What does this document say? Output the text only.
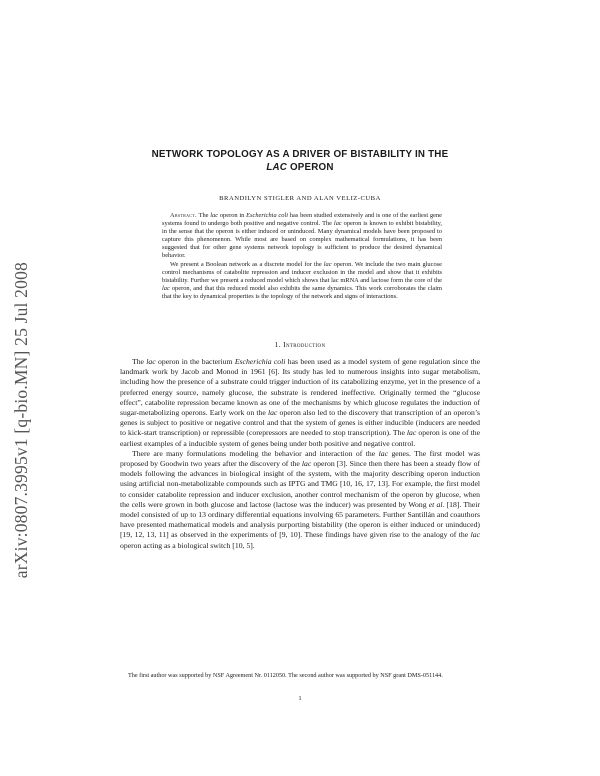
arXiv:0807.3995v1 [q-bio.MN] 25 Jul 2008
NETWORK TOPOLOGY AS A DRIVER OF BISTABILITY IN THE
LAC OPERON
BRANDILYN STIGLER AND ALAN VELIZ-CUBA

Abstract. The lac operon in Escherichia coli has been studied extensively and is one of the earliest gene systems found to undergo both positive and negative control. The lac operon is known to exhibit bistability, in the sense that the operon is either induced or uninduced. Many dynamical models have been proposed to capture this phenomenon. While most are based on complex mathematical formulations, it has been suggested that for other gene systems network topology is sufficient to produce the desired dynamical behavior.

We present a Boolean network as a discrete model for the lac operon. We include the two main glucose control mechanisms of catabolite repression and inducer exclusion in the model and show that it exhibits bistability. Further we present a reduced model which shows that lac mRNA and lactose form the core of the lac operon, and that this reduced model also exhibits the same dynamics. This work corroborates the claim that the key to dynamical properties is the topology of the network and signs of interactions.

1. Introduction

The lac operon in the bacterium Escherichia coli has been used as a model system of gene regulation since the landmark work by Jacob and Monod in 1961 [6]. Its study has led to numerous insights into sugar metabolism, including how the presence of a substrate could trigger induction of its catabolizing enzyme, yet in the presence of a preferred energy source, namely glucose, the substrate is rendered ineffective. Originally termed the “glucose effect”, catabolite repression became known as one of the mechanisms by which glucose regulates the induction of sugar-metabolizing operons. Early work on the lac operon also led to the discovery that transcription of an operon’s genes is subject to positive or negative control and that the system of genes is either inducible (inducers are needed to kick-start transcription) or repressible (corepressors are needed to stop transcription). The lac operon is one of the earliest examples of a inducible system of genes being under both positive and negative control.

There are many formulations modeling the behavior and interaction of the lac genes. The first model was proposed by Goodwin two years after the discovery of the lac operon [3]. Since then there has been a steady flow of models following the advances in biological insight of the system, with the majority describing operon induction using artificial non-metabolizable compounds such as IPTG and TMG [10, 16, 17, 13]. For example, the first model to consider catabolite repression and inducer exclusion, another control mechanism of the operon by glucose, when the cells were grown in both glucose and lactose (lactose was the inducer) was presented by Wong et al. [18]. Their model consisted of up to 13 ordinary differential equations involving 65 parameters. Further Santillán and coauthors have presented mathematical models and analysis purporting bistability (the operon is either induced or uninduced) [19, 12, 13, 11] as observed in the experiments of [9, 10]. These findings have given rise to the analogy of the lac operon acting as a biological switch [10, 5].

The first author was supported by NSF Agreement Nr. 0112050. The second author was supported by NSF grant DMS-051144.

1
